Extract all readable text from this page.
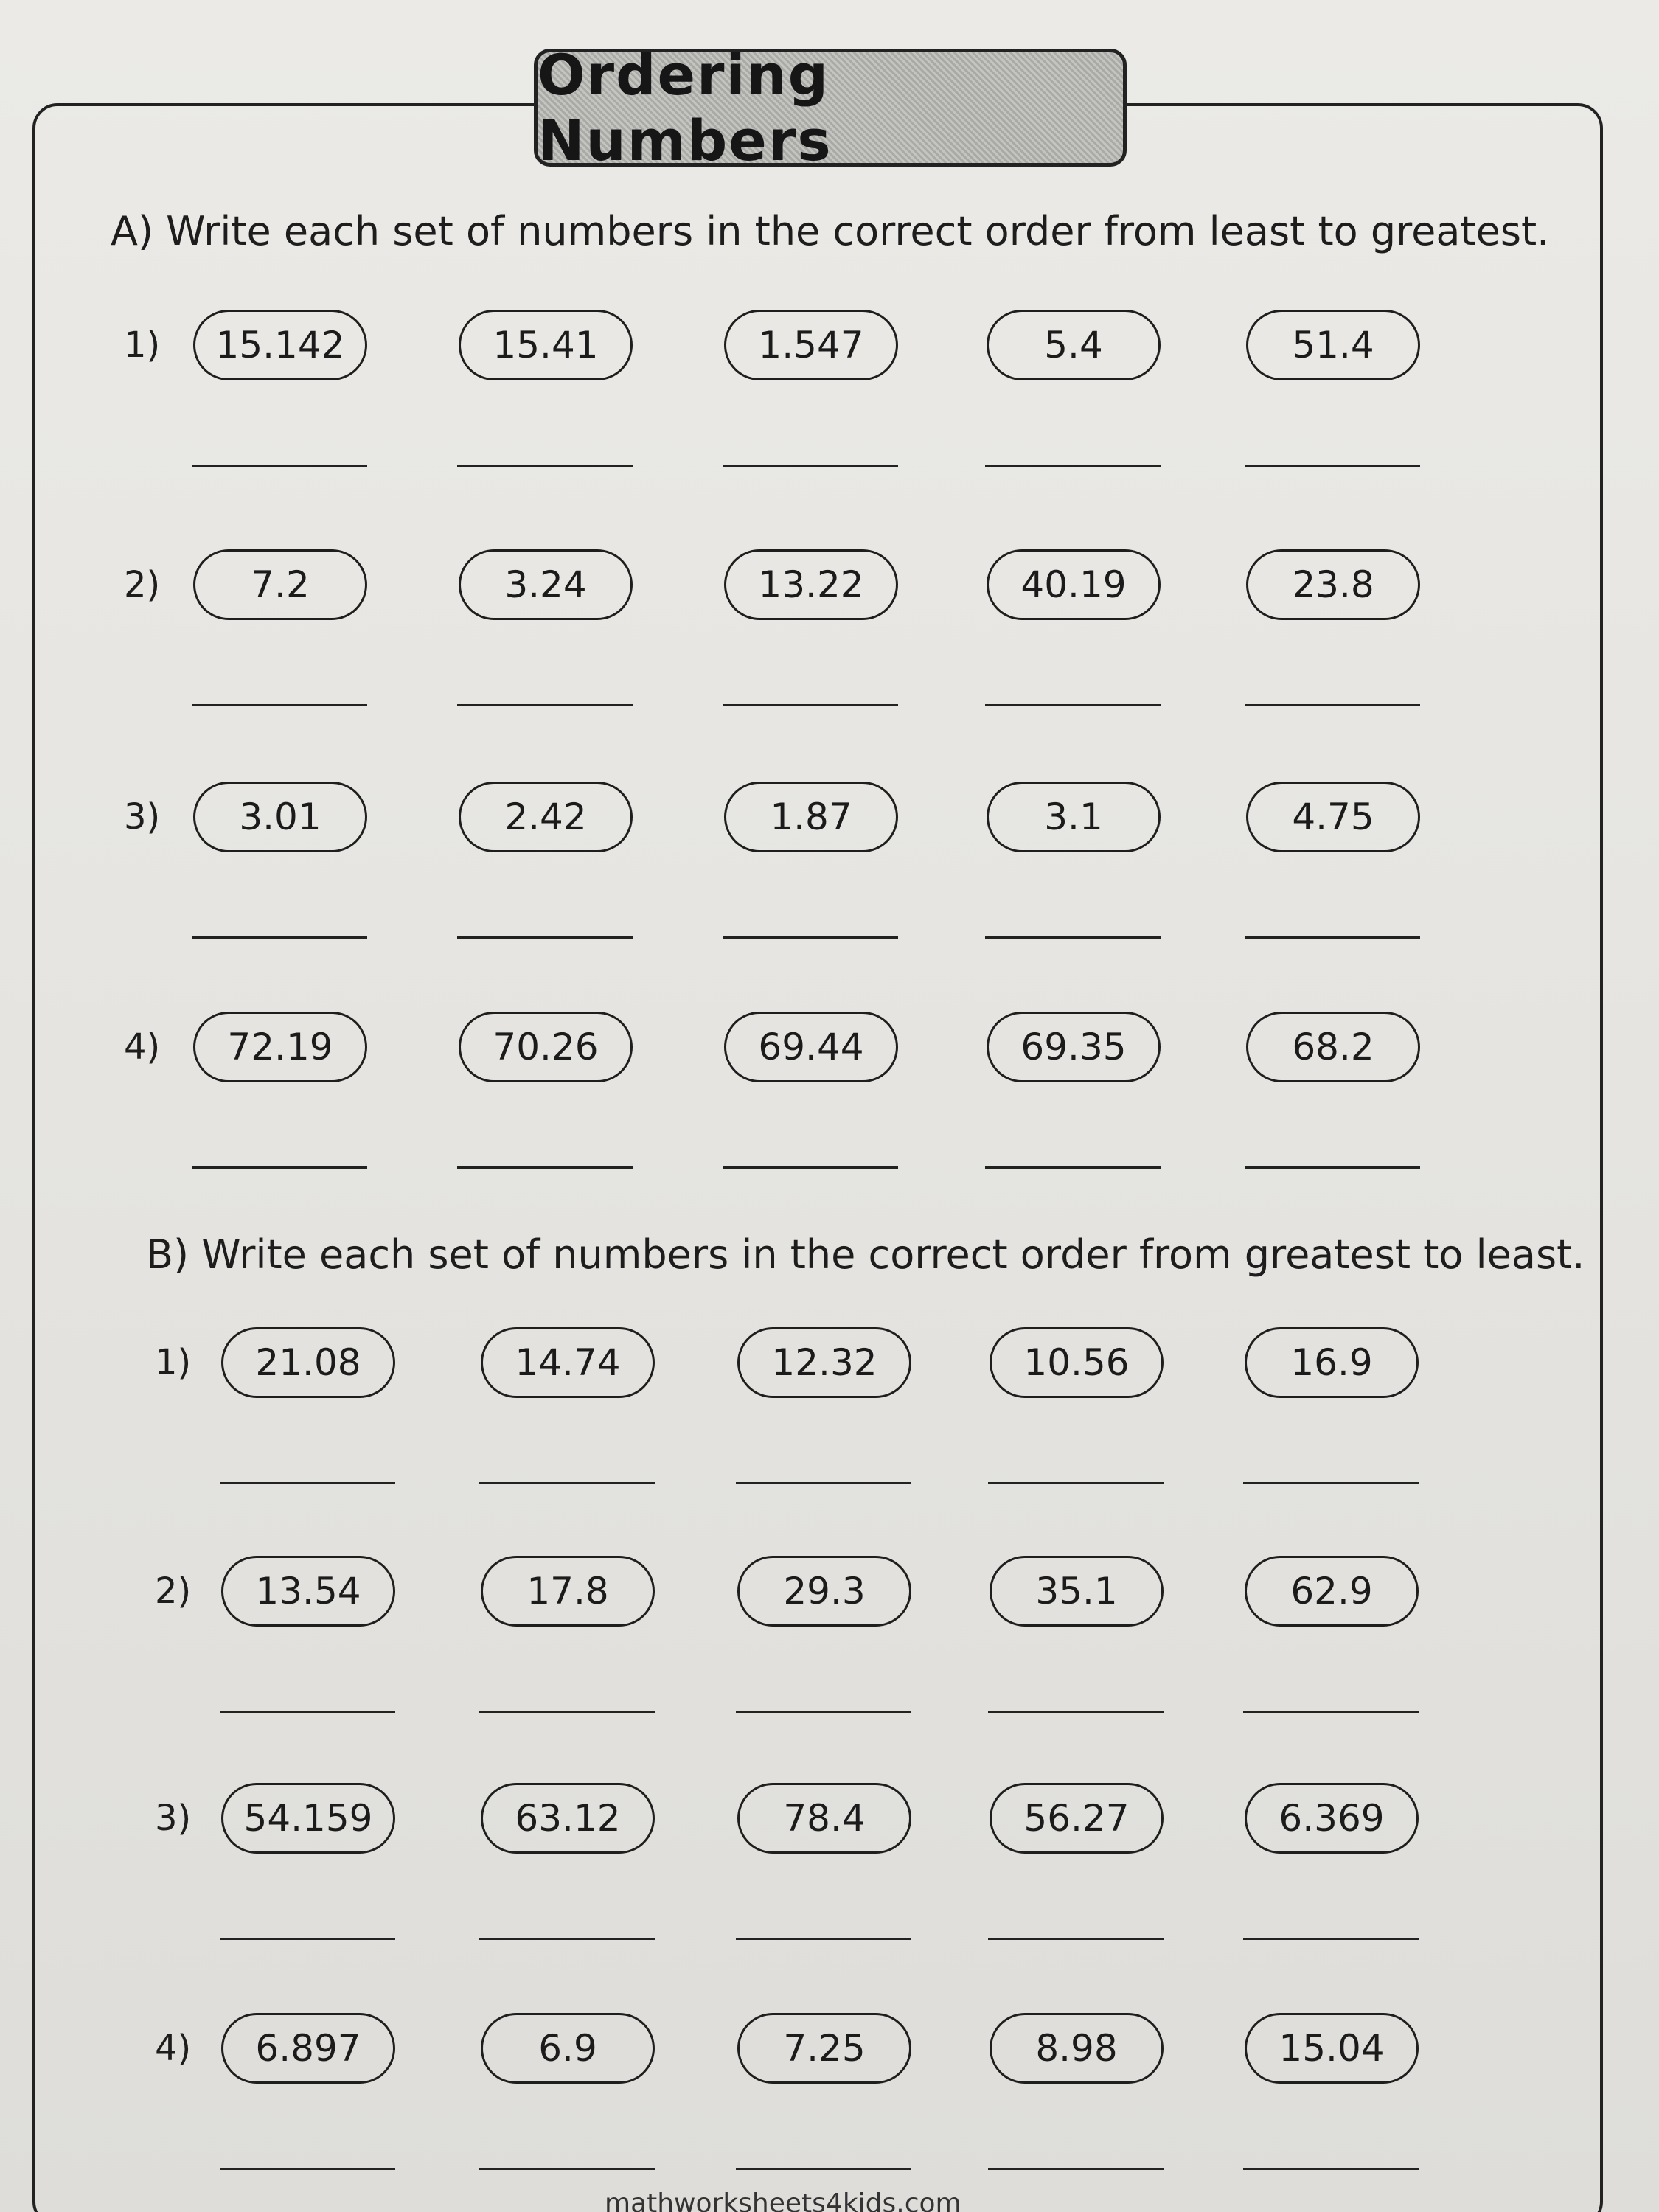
Ordering Numbers
A) Write each set of numbers in the correct order from least to greatest.
B) Write each set of numbers in the correct order from greatest to least.
1)	15.142	15.41	1.547	5.4	51.4
2)	7.2	3.24	13.22	40.19	23.8
3)	3.01	2.42	1.87	3.1	4.75
4)	72.19	70.26	69.44	69.35	68.2
1)	21.08	14.74	12.32	10.56	16.9
2)	13.54	17.8	29.3	35.1	62.9
3)	54.159	63.12	78.4	56.27	6.369
4)	6.897	6.9	7.25	8.98	15.04
mathworksheets4kids.com
